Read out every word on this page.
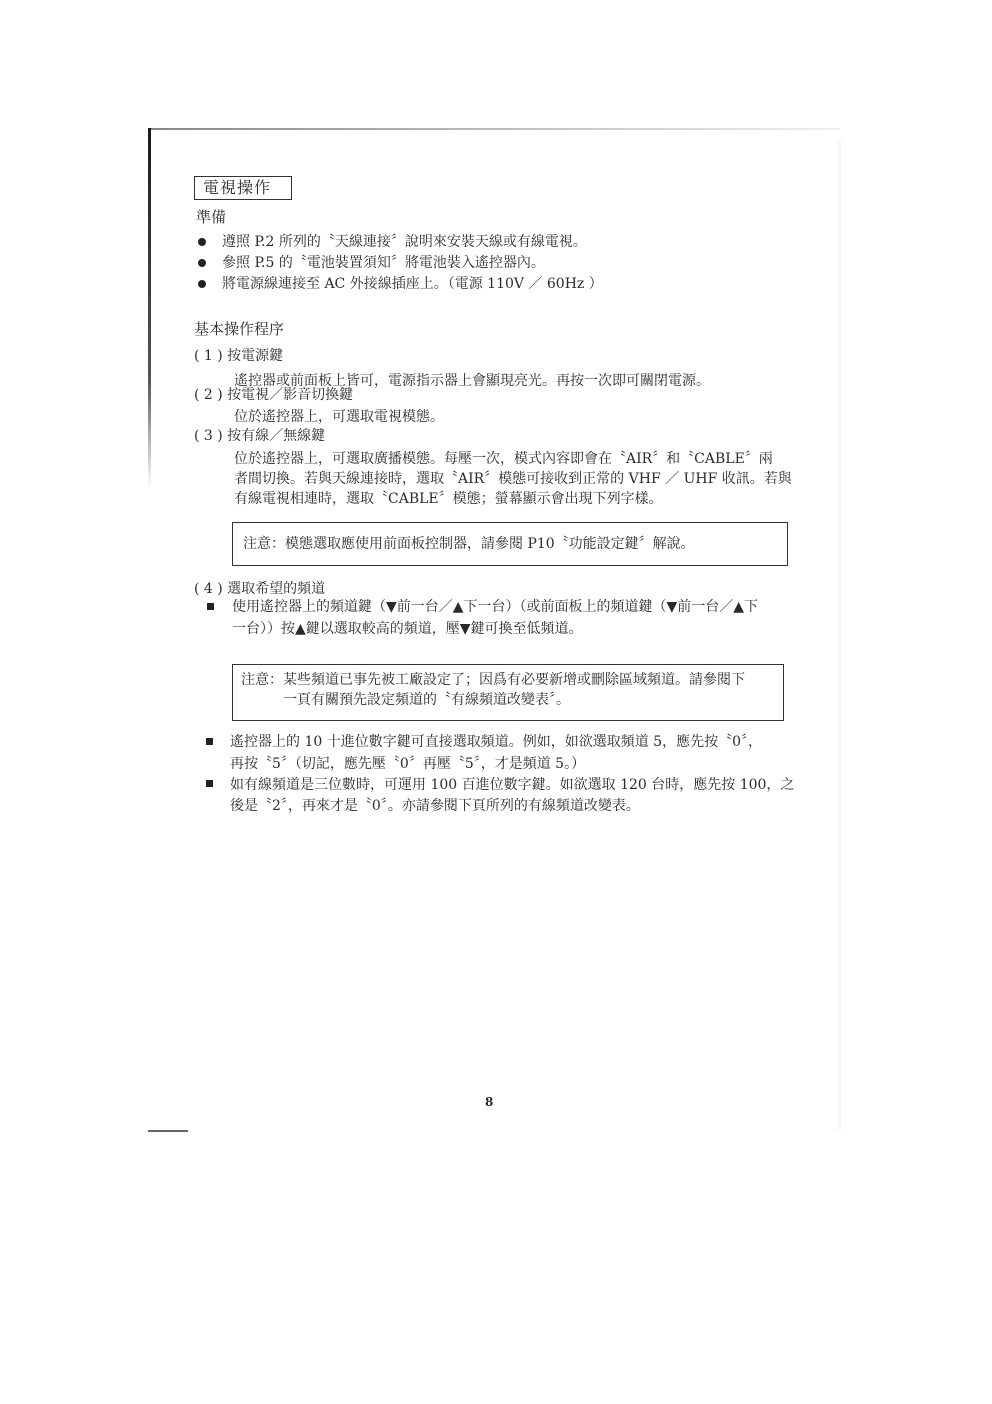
電視操作
準備
遵照 P.2 所列的〝天線連接〞說明來安裝天線或有線電視。
參照 P.5 的〝電池裝置須知〞將電池裝入遙控器內。
將電源線連接至 AC 外接線插座上。（電源 110V ／ 60Hz ）
基本操作程序
( 1 ) 按電源鍵
遙控器或前面板上皆可，電源指示器上會顯現亮光。再按一次即可關閉電源。
( 2 ) 按電視／影音切換鍵
位於遙控器上，可選取電視模態。
( 3 ) 按有線／無線鍵
位於遙控器上，可選取廣播模態。每壓一次，模式內容即會在〝AIR〞和〝CABLE〞兩
者間切換。若與天線連接時，選取〝AIR〞模態可接收到正常的 VHF ／ UHF 收訊。若與
有線電視相連時，選取〝CABLE〞模態；螢幕顯示會出現下列字樣。
注意：模態選取應使用前面板控制器，請參閱 P10〝功能設定鍵〞解說。
( 4 ) 選取希望的頻道
使用遙控器上的頻道鍵（▼前一台／▲下一台）（或前面板上的頻道鍵（▼前一台／▲下
一台））按▲鍵以選取較高的頻道，壓▼鍵可換至低頻道。
注意：某些頻道已事先被工廠設定了；因爲有必要新增或刪除區域頻道。請參閱下
一頁有關預先設定頻道的〝有線頻道改變表〞。
遙控器上的 10 十進位數字鍵可直接選取頻道。例如，如欲選取頻道 5，應先按〝0〞，
再按〝5〞（切記，應先壓〝0〞再壓〝5〞，才是頻道 5。）
如有線頻道是三位數時，可運用 100 百進位數字鍵。如欲選取 120 台時，應先按 100，之
後是〝2〞，再來才是〝0〞。亦請參閱下頁所列的有線頻道改變表。
8
